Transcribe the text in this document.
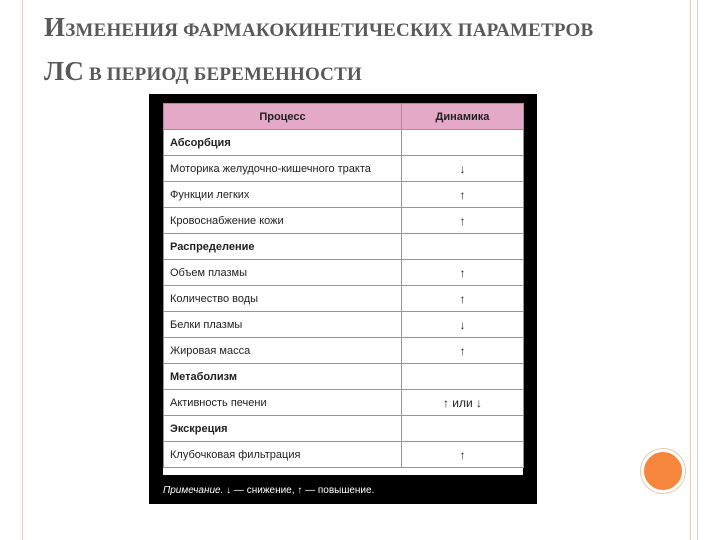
ИЗМЕНЕНИЯ ФАРМАКОКИНЕТИЧЕСКИХ ПАРАМЕТРОВ
ЛС В ПЕРИОД БЕРЕМЕННОСТИ
Процесс	Динамика
Абсорбция	
Моторика желудочно-кишечного тракта	↓
Функции легких	↑
Кровоснабжение кожи	↑
Распределение	
Объем плазмы	↑
Количество воды	↑
Белки плазмы	↓
Жировая масса	↑
Метаболизм	
Активность печени	↑ или ↓
Экскреция	
Клубочковая фильтрация	↑
Примечание. ↓ — снижение, ↑ — повышение.
